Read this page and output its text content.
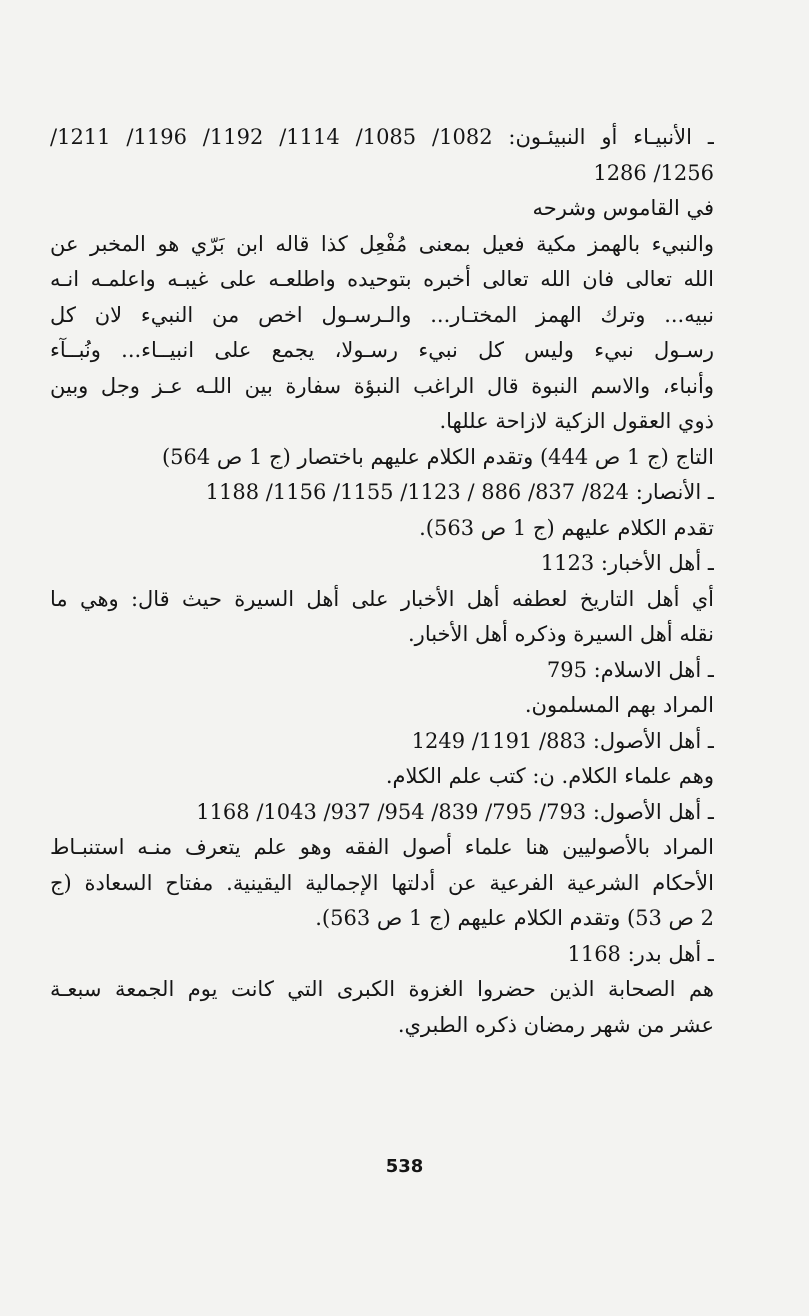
ـ الأنبيـاء أو النبيئـون: 1082/ 1085/ 1114/ 1192/ 1196/ 1211/
1256/ 1286
في القاموس وشرحه
والنبيء بالهمز مكية فعيل بمعنى مُفْعِل كذا قاله ابن بَرّي هو المخبر عن
الله تعالى فان الله تعالى أخبره بتوحيده واطلعـه على غيبـه واعلمـه انـه
نبيه... وترك الهمز المختـار... والـرسـول اخص من النبيء لان كل
رسـول نبيء وليس كل نبيء رسـولا، يجمع على انبيــاء... ونُبــآء
وأنباء، والاسم النبوة قال الراغب النبؤة سفارة بين اللـه عـز وجل وبين
ذوي العقول الزكية لازاحة عللها.
التاج (ج 1 ص 444) وتقدم الكلام عليهم باختصار (ج 1 ص 564)
ـ الأنصار: 824/ 837/ 886 / 1123/ 1155/ 1156/ 1188
تقدم الكلام عليهم (ج 1 ص 563).
ـ أهل الأخبار: 1123
أي أهل التاريخ لعطفه أهل الأخبار على أهل السيرة حيث قال: وهي ما
نقله أهل السيرة وذكره أهل الأخبار.
ـ أهل الاسلام: 795
المراد بهم المسلمون.
ـ أهل الأصول: 883/ 1191/ 1249
وهم علماء الكلام. ن: كتب علم الكلام.
ـ أهل الأصول: 793/ 795/ 839/ 954/ 937/ 1043/ 1168
المراد بالأصوليين هنا علماء أصول الفقه وهو علم يتعرف منـه استنبـاط
الأحكام الشرعية الفرعية عن أدلتها الإجمالية اليقينية. مفتاح السعادة (ج
2 ص 53) وتقدم الكلام عليهم (ج 1 ص 563).
ـ أهل بدر: 1168
هم الصحابة الذين حضروا الغزوة الكبرى التي كانت يوم الجمعة سبعـة
عشر من شهر رمضان ذكره الطبري.
538
